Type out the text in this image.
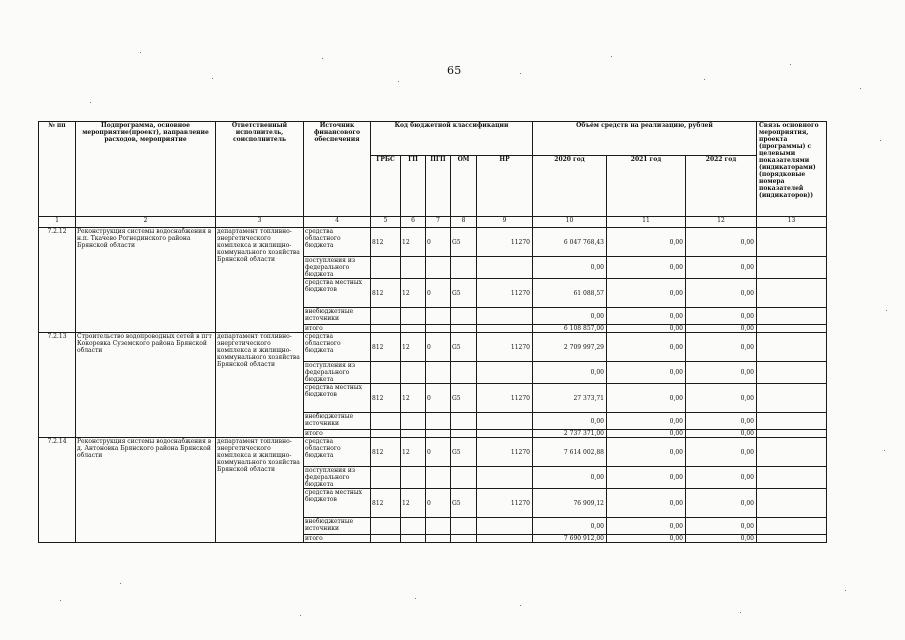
65
№ пп	Подпрограмма, основное мероприятие(проект), направление расходов, мероприятие	Ответственный исполнитель, соисполнитель	Источник финансового обеспечения	Код бюджетной классификации					Объём средств на реализацию, рублей			Связь основного мероприятия, проекта (программы) с целевыми показателями (индикаторами) (порядковые номера показателей (индикаторов))
				ГРБС	ГП	ПГП	ОМ	НР	2020 год	2021 год	2022 год	
1	2	3	4	5	6	7	8	9	10	11	12	13
7.2.12	Реконструкция системы водоснабжения в н.п. Ткачево Рогнединского района Брянской области	департамент топливно-энергетического комплекса и жилищно-коммунального хозяйства Брянской области	средства областного бюджета	812	12	0	G5	11270	6 047 768,43	0,00	0,00	
			поступления из федерального бюджета						0,00	0,00	0,00	
			средства местных бюджетов	812	12	0	G5	11270	61 088,57	0,00	0,00	
			внебюджетные источники						0,00	0,00	0,00	
			итого						6 108 857,00	0,00	0,00	
7.2.13	Строительство водопроводных сетей в пгт Кокоревка Суземского района Брянской области	департамент топливно-энергетического комплекса и жилищно-коммунального хозяйства Брянской области	средства областного бюджета	812	12	0	G5	11270	2 709 997,29	0,00	0,00	
			поступления из федерального бюджета						0,00	0,00	0,00	
			средства местных бюджетов	812	12	0	G5	11270	27 373,71	0,00	0,00	
			внебюджетные источники						0,00	0,00	0,00	
			итого						2 737 371,00	0,00	0,00	
7.2.14	Реконструкция системы водоснабжения в д. Антоновка Брянского района Брянской области	департамент топливно-энергетического комплекса и жилищно-коммунального хозяйства Брянской области	средства областного бюджета	812	12	0	G5	11270	7 614 002,88	0,00	0,00	
			поступления из федерального бюджета						0,00	0,00	0,00	
			средства местных бюджетов	812	12	0	G5	11270	76 909,12	0,00	0,00	
			внебюджетные источники						0,00	0,00	0,00	
			итого						7 690 912,00	0,00	0,00	
